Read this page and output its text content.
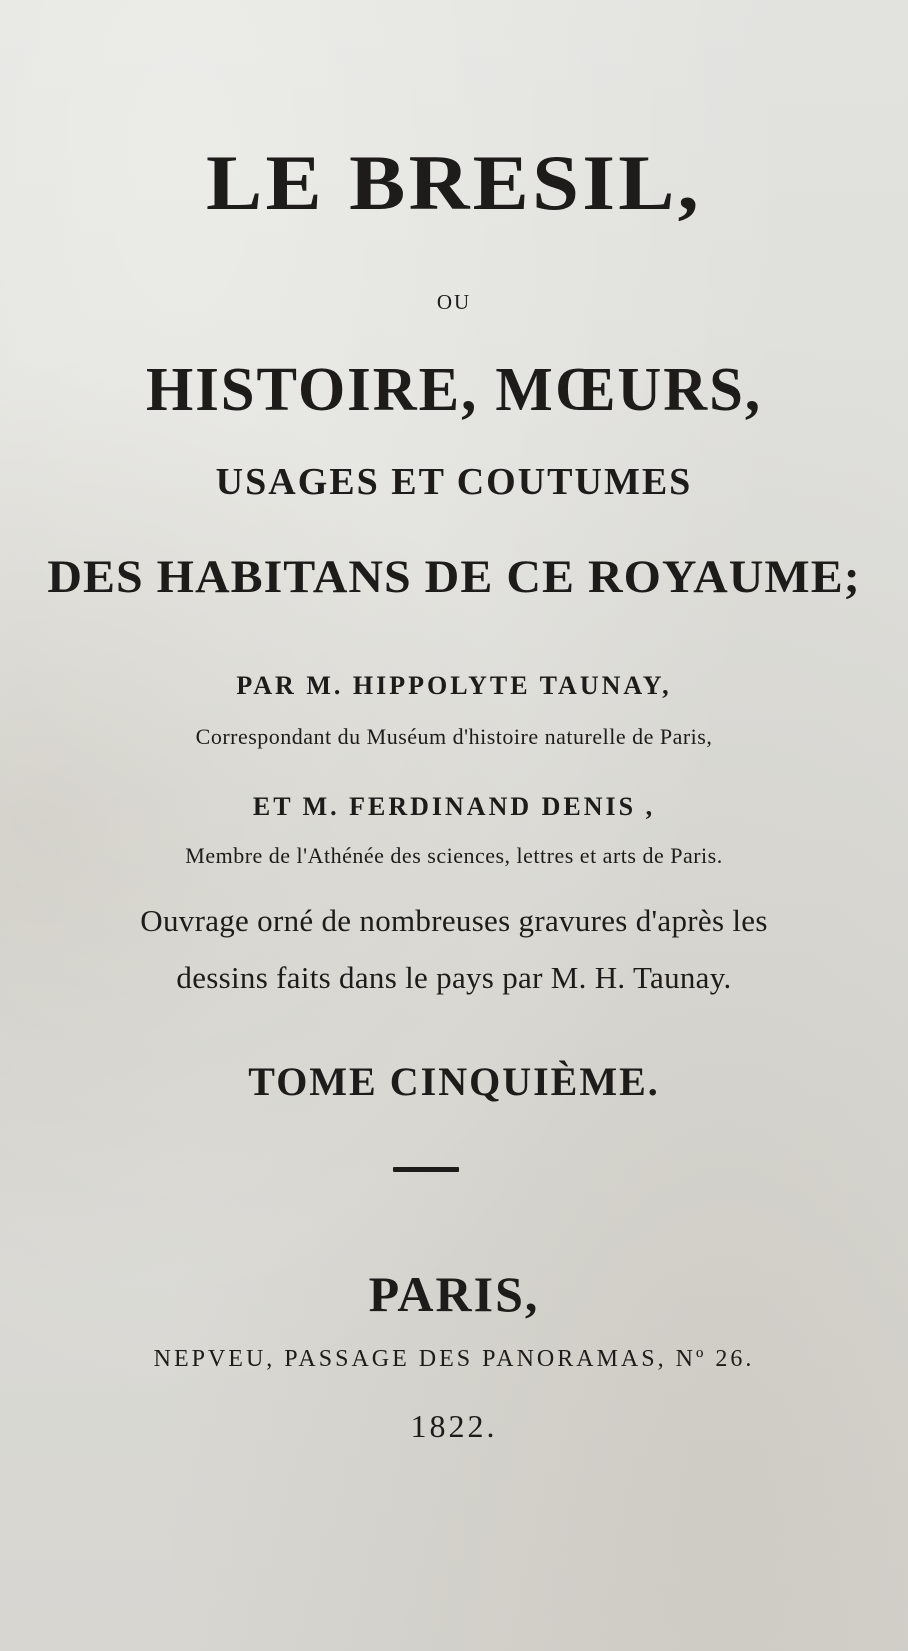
LE BRESIL,
OU
HISTOIRE, MŒURS,
USAGES ET COUTUMES
DES HABITANS DE CE ROYAUME;
PAR M. HIPPOLYTE TAUNAY,
Correspondant du Muséum d'histoire naturelle de Paris,
ET M. FERDINAND DENIS ,
Membre de l'Athénée des sciences, lettres et arts de Paris.
Ouvrage orné de nombreuses gravures d'après les
dessins faits dans le pays par M. H. Taunay.
TOME CINQUIÈME.
PARIS,
NEPVEU, PASSAGE DES PANORAMAS, Nº 26.
1822.
